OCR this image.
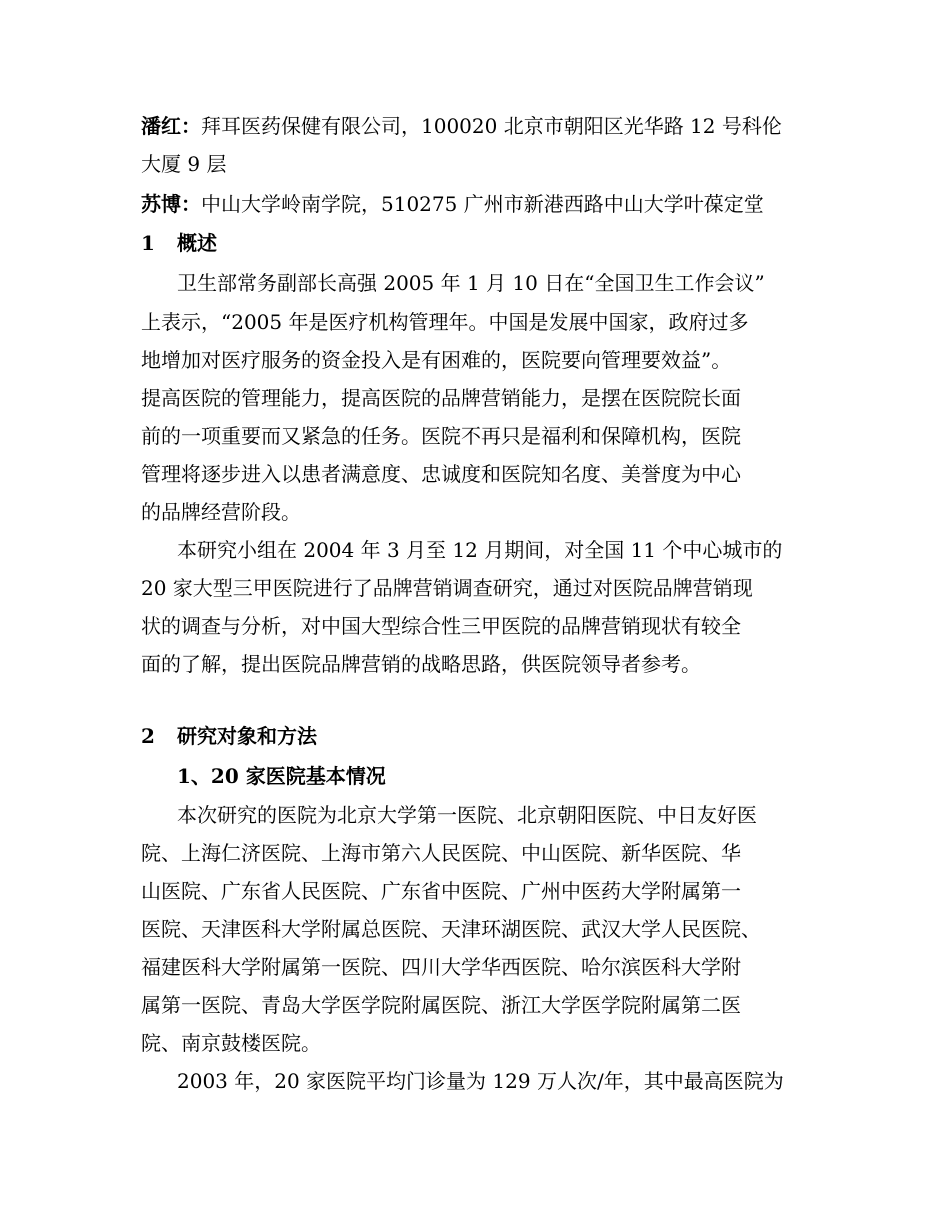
潘红：拜耳医药保健有限公司，100020 北京市朝阳区光华路 12 号科伦
大厦 9 层
苏博：中山大学岭南学院，510275 广州市新港西路中山大学叶葆定堂
1 概述
卫生部常务副部长高强 2005 年 1 月 10 日在“全国卫生工作会议”
上表示，“2005 年是医疗机构管理年。中国是发展中国家，政府过多
地增加对医疗服务的资金投入是有困难的，医院要向管理要效益”。
提高医院的管理能力，提高医院的品牌营销能力，是摆在医院院长面
前的一项重要而又紧急的任务。医院不再只是福利和保障机构，医院
管理将逐步进入以患者满意度、忠诚度和医院知名度、美誉度为中心
的品牌经营阶段。
本研究小组在 2004 年 3 月至 12 月期间，对全国 11 个中心城市的
20 家大型三甲医院进行了品牌营销调查研究，通过对医院品牌营销现
状的调查与分析，对中国大型综合性三甲医院的品牌营销现状有较全
面的了解，提出医院品牌营销的战略思路，供医院领导者参考。
2 研究对象和方法
1、20 家医院基本情况
本次研究的医院为北京大学第一医院、北京朝阳医院、中日友好医
院、上海仁济医院、上海市第六人民医院、中山医院、新华医院、华
山医院、广东省人民医院、广东省中医院、广州中医药大学附属第一
医院、天津医科大学附属总医院、天津环湖医院、武汉大学人民医院、
福建医科大学附属第一医院、四川大学华西医院、哈尔滨医科大学附
属第一医院、青岛大学医学院附属医院、浙江大学医学院附属第二医
院、南京鼓楼医院。
2003 年，20 家医院平均门诊量为 129 万人次/年，其中最高医院为
